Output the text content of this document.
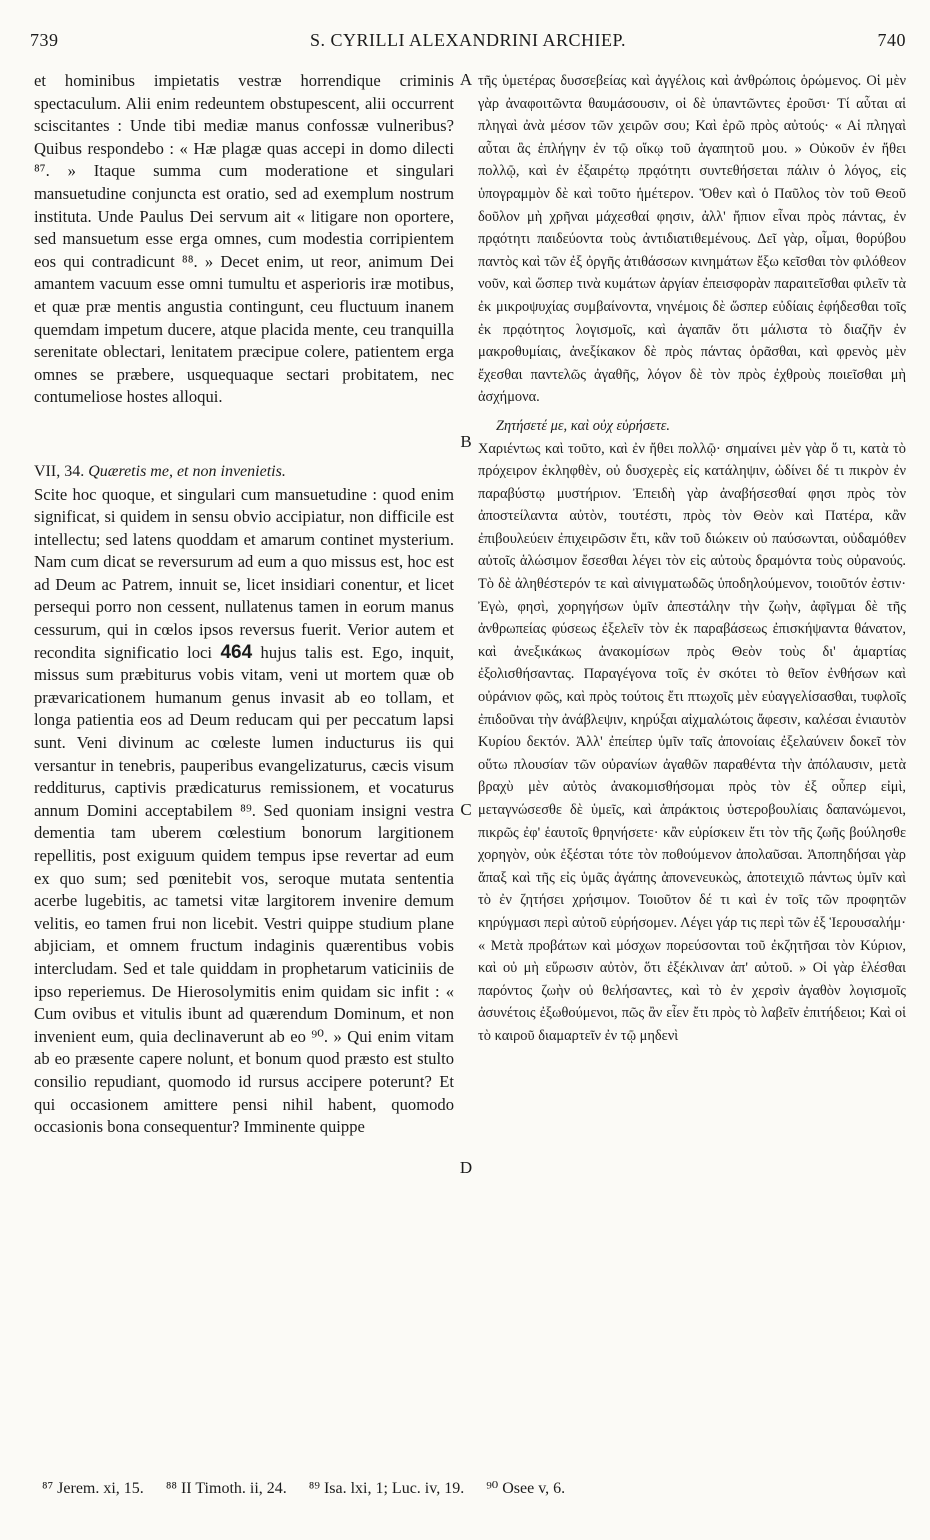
739	S. CYRILLI ALEXANDRINI ARCHIEP.	740

et hominibus impietatis vestræ horrendique criminis spectaculum. Alii enim redeuntem obstupescent, alii occurrent sciscitantes : Unde tibi mediæ manus confossæ vulneribus? Quibus respondebo : « Hæ plagæ quas accepi in domo dilecti ⁸⁷. » Itaque summa cum moderatione et singulari mansuetudine conjuncta est oratio, sed ad exemplum nostrum instituta. Unde Paulus Dei servum ait « litigare non oportere, sed mansuetum esse erga omnes, cum modestia corripientem eos qui contradicunt ⁸⁸. » Decet enim, ut reor, animum Dei amantem vacuum esse omni tumultu et asperioris iræ motibus, et quæ præ mentis angustia contingunt, ceu fluctuum inanem quemdam impetum ducere, atque placida mente, ceu tranquilla serenitate oblectari, lenitatem præcipue colere, patientem erga omnes se præbere, usquequaque sectari probitatem, nec contumeliose hostes alloqui.

VII, 34. Quæretis me, et non invenietis.

Scite hoc quoque, et singulari cum mansuetudine : quod enim significat, si quidem in sensu obvio accipiatur, non difficile est intellectu; sed latens quoddam et amarum continet mysterium. Nam cum dicat se reversurum ad eum a quo missus est, hoc est ad Deum ac Patrem, innuit se, licet insidiari conentur, et licet persequi porro non cessent, nullatenus tamen in eorum manus cessurum, qui in cœlos ipsos reversus fuerit. Verior autem et recondita significatio loci 464 hujus talis est. Ego, inquit, missus sum præbiturus vobis vitam, veni ut mortem quæ ob prævaricationem humanum genus invasit ab eo tollam, et longa patientia eos ad Deum reducam qui per peccatum lapsi sunt. Veni divinum ac cœleste lumen inducturus iis qui versantur in tenebris, pauperibus evangelizaturus, cæcis visum redditurus, captivis prædicaturus remissionem, et vocaturus annum Domini acceptabilem ⁸⁹. Sed quoniam insigni vestra dementia tam uberem cœlestium bonorum largitionem repellitis, post exiguum quidem tempus ipse revertar ad eum ex quo sum; sed pœnitebit vos, seroque mutata sententia acerbe lugebitis, ac tametsi vitæ largitorem invenire demum velitis, eo tamen frui non licebit. Vestri quippe studium plane abjiciam, et omnem fructum indaginis quærentibus vobis intercludam. Sed et tale quiddam in prophetarum vaticiniis de ipso reperiemus. De Hierosolymitis enim quidam sic infit : « Cum ovibus et vitulis ibunt ad quærendum Dominum, et non invenient eum, quia declinaverunt ab eo ⁹⁰. » Qui enim vitam ab eo præsente capere nolunt, et bonum quod præsto est stulto consilio repudiant, quomodo id rursus accipere poterunt? Et qui occasionem amittere pensi nihil habent, quomodo occasionis bona consequentur? Imminente quippe

A
B
C
D

τῆς ὑμετέρας δυσσεβείας καὶ ἀγγέλοις καὶ ἀνθρώποις ὁρώμενος. Οἱ μὲν γὰρ ἀναφοιτῶντα θαυμάσουσιν, οἱ δὲ ὑπαντῶντες ἐροῦσι· Τί αὗται αἱ πληγαὶ ἀνὰ μέσον τῶν χειρῶν σου; Καὶ ἐρῶ πρὸς αὐτούς· « Αἱ πληγαὶ αὗται ἃς ἐπλήγην ἐν τῷ οἴκῳ τοῦ ἀγαπητοῦ μου. » Οὐκοῦν ἐν ἤθει πολλῷ, καὶ ἐν ἐξαιρέτῳ πρᾳότητι συντεθήσεται πάλιν ὁ λόγος, εἰς ὑπογραμμὸν δὲ καὶ τοῦτο ἡμέτερον. Ὅθεν καὶ ὁ Παῦλος τὸν τοῦ Θεοῦ δοῦλον μὴ χρῆναι μάχεσθαί φησιν, ἀλλ' ἤπιον εἶναι πρὸς πάντας, ἐν πρᾳότητι παιδεύοντα τοὺς ἀντιδιατιθεμένους. Δεῖ γὰρ, οἶμαι, θορύβου παντὸς καὶ τῶν ἐξ ὀργῆς ἀτιθάσσων κινημάτων ἔξω κεῖσθαι τὸν φιλόθεον νοῦν, καὶ ὥσπερ τινὰ κυμάτων ἀργίαν ἐπεισφορὰν παραιτεῖσθαι φιλεῖν τὰ ἐκ μικροψυχίας συμβαίνοντα, νηνέμοις δὲ ὥσπερ εὐδίαις ἐφήδεσθαι τοῖς ἐκ πρᾳότητος λογισμοῖς, καὶ ἀγαπᾶν ὅτι μάλιστα τὸ διαζῆν ἐν μακροθυμίαις, ἀνεξίκακον δὲ πρὸς πάντας ὁρᾶσθαι, καὶ φρενὸς μὲν ἔχεσθαι παντελῶς ἀγαθῆς, λόγον δὲ τὸν πρὸς ἐχθροὺς ποιεῖσθαι μὴ ἀσχήμονα.

Ζητήσετέ με, καὶ οὐχ εὑρήσετε.

Χαριέντως καὶ τοῦτο, καὶ ἐν ἤθει πολλῷ· σημαίνει μὲν γὰρ ὅ τι, κατὰ τὸ πρόχειρον ἐκληφθὲν, οὐ δυσχερὲς εἰς κατάληψιν, ὠδίνει δέ τι πικρὸν ἐν παραβύστῳ μυστήριον. Ἐπειδὴ γὰρ ἀναβήσεσθαί φησι πρὸς τὸν ἀποστείλαντα αὐτὸν, τουτέστι, πρὸς τὸν Θεὸν καὶ Πατέρα, κἂν ἐπιβουλεύειν ἐπιχειρῶσιν ἔτι, κἂν τοῦ διώκειν οὐ παύσωνται, οὐδαμόθεν αὐτοῖς ἁλώσιμον ἔσεσθαι λέγει τὸν εἰς αὐτοὺς δραμόντα τοὺς οὐρανούς. Τὸ δὲ ἀληθέστερόν τε καὶ αἰνιγματωδῶς ὑποδηλούμενον, τοιοῦτόν ἐστιν· Ἐγὼ, φησὶ, χορηγήσων ὑμῖν ἀπεστάλην τὴν ζωὴν, ἀφῖγμαι δὲ τῆς ἀνθρωπείας φύσεως ἐξελεῖν τὸν ἐκ παραβάσεως ἐπισκήψαντα θάνατον, καὶ ἀνεξικάκως ἀνακομίσων πρὸς Θεὸν τοὺς δι' ἁμαρτίας ἐξολισθήσαντας. Παραγέγονα τοῖς ἐν σκότει τὸ θεῖον ἐνθήσων καὶ οὐράνιον φῶς, καὶ πρὸς τούτοις ἔτι πτωχοῖς μὲν εὐαγγελίσασθαι, τυφλοῖς ἐπιδοῦναι τὴν ἀνάβλεψιν, κηρύξαι αἰχμαλώτοις ἄφεσιν, καλέσαι ἐνιαυτὸν Κυρίου δεκτόν. Ἀλλ' ἐπείπερ ὑμῖν ταῖς ἀπονοίαις ἐξελαύνειν δοκεῖ τὸν οὕτω πλουσίαν τῶν οὐρανίων ἀγαθῶν παραθέντα τὴν ἀπόλαυσιν, μετὰ βραχὺ μὲν αὐτὸς ἀνακομισθήσομαι πρὸς τὸν ἐξ οὗπερ εἰμὶ, μεταγνώσεσθε δὲ ὑμεῖς, καὶ ἀπράκτοις ὑστεροβουλίαις δαπανώμενοι, πικρῶς ἐφ' ἑαυτοῖς θρηνήσετε· κἂν εὑρίσκειν ἔτι τὸν τῆς ζωῆς βούλησθε χορηγὸν, οὐκ ἐξέσται τότε τὸν ποθούμενον ἀπολαῦσαι. Ἀποπηδήσαι γὰρ ἅπαξ καὶ τῆς εἰς ὑμᾶς ἀγάπης ἀπονενευκὼς, ἀποτειχιῶ πάντως ὑμῖν καὶ τὸ ἐν ζητήσει χρήσιμον. Τοιοῦτον δέ τι καὶ ἐν τοῖς τῶν προφητῶν κηρύγμασι περὶ αὐτοῦ εὑρήσομεν. Λέγει γάρ τις περὶ τῶν ἐξ Ἱερουσαλήμ· « Μετὰ προβάτων καὶ μόσχων πορεύσονται τοῦ ἐκζητῆσαι τὸν Κύριον, καὶ οὐ μὴ εὕρωσιν αὐτὸν, ὅτι ἐξέκλιναν ἀπ' αὐτοῦ. » Οἱ γὰρ ἑλέσθαι παρόντος ζωὴν οὐ θελήσαντες, καὶ τὸ ἐν χερσὶν ἀγαθὸν λογισμοῖς ἀσυνέτοις ἐξωθούμενοι, πῶς ἂν εἶεν ἔτι πρὸς τὸ λαβεῖν ἐπιτήδειοι; Καὶ οἱ τὸ καιροῦ διαμαρτεῖν ἐν τῷ μηδενὶ

⁸⁷ Jerem. xi, 15. ⁸⁸ II Timoth. ii, 24. ⁸⁹ Isa. lxi, 1; Luc. iv, 19. ⁹⁰ Osee v, 6.
